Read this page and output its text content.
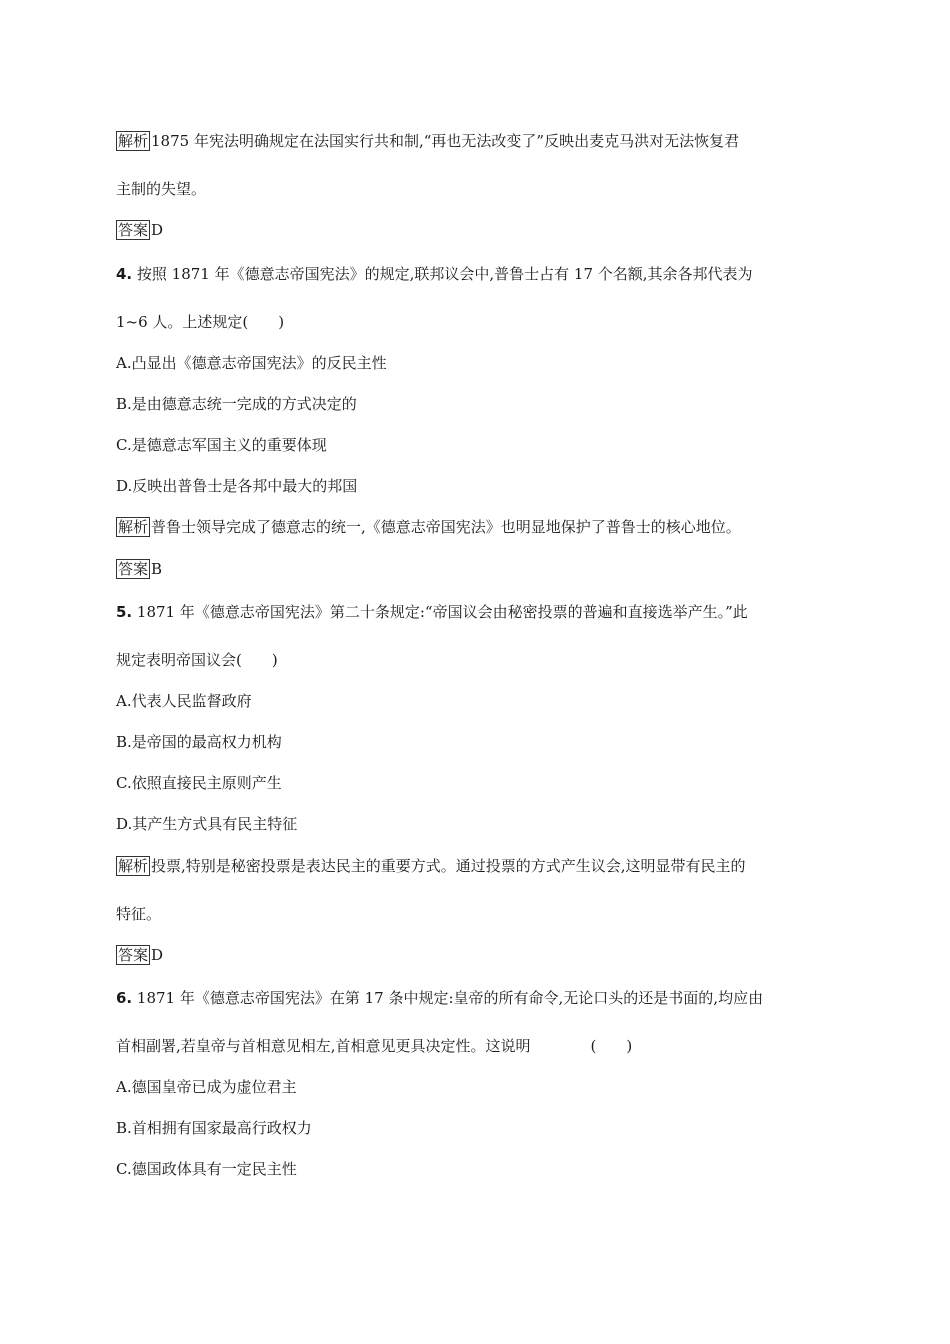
解析 1875 年宪法明确规定在法国实行共和制,“再也无法改变了”反映出麦克马洪对无法恢复君
主制的失望。
答案 D
4. 按照 1871 年《德意志帝国宪法》的规定,联邦议会中,普鲁士占有 17 个名额,其余各邦代表为
1~6 人。上述规定(　　)
A.凸显出《德意志帝国宪法》的反民主性
B.是由德意志统一完成的方式决定的
C.是德意志军国主义的重要体现
D.反映出普鲁士是各邦中最大的邦国
解析 普鲁士领导完成了德意志的统一,《德意志帝国宪法》也明显地保护了普鲁士的核心地位。
答案 B
5. 1871 年《德意志帝国宪法》第二十条规定:“帝国议会由秘密投票的普遍和直接选举产生。”此
规定表明帝国议会(　　)
A.代表人民监督政府
B.是帝国的最高权力机构
C.依照直接民主原则产生
D.其产生方式具有民主特征
解析 投票,特别是秘密投票是表达民主的重要方式。通过投票的方式产生议会,这明显带有民主的
特征。
答案 D
6. 1871 年《德意志帝国宪法》在第 17 条中规定:皇帝的所有命令,无论口头的还是书面的,均应由
首相副署,若皇帝与首相意见相左,首相意见更具决定性。这说明	(　　)
A.德国皇帝已成为虚位君主
B.首相拥有国家最高行政权力
C.德国政体具有一定民主性
